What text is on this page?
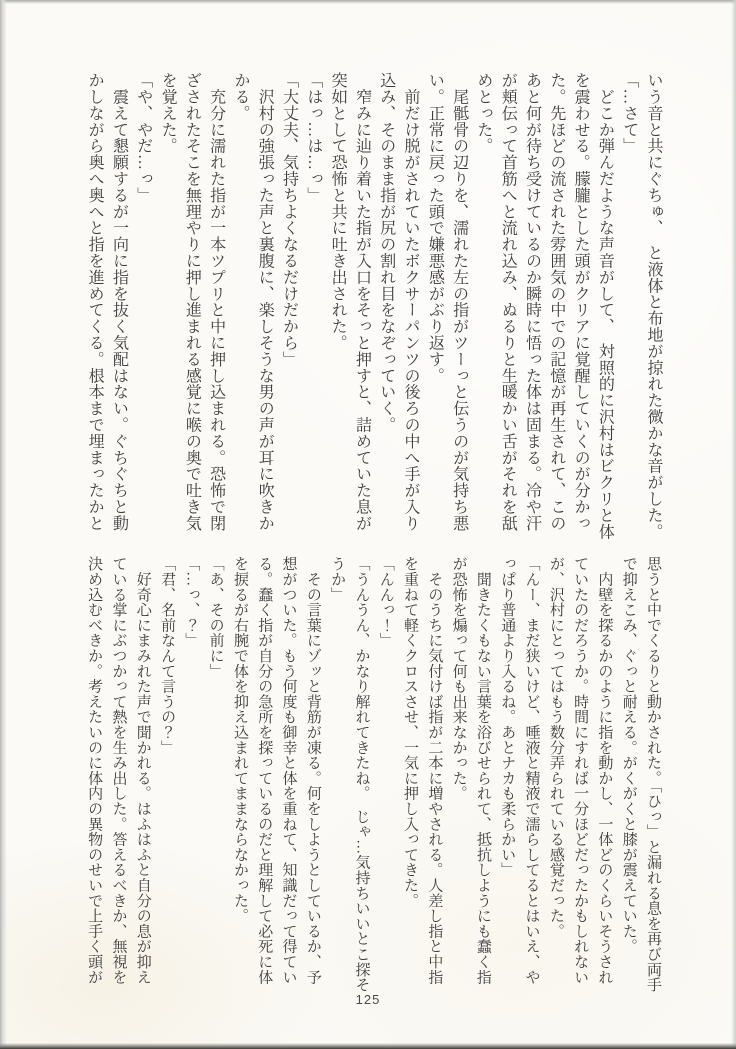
いう音と共にぐちゅ、　と液体と布地が掠れた微かな音がした。
「…さて」
　どこか弾んだような声音がして、　対照的に沢村はビクリと体
を震わせる。朦朧とした頭がクリアに覚醒していくのが分かっ
た。先ほどの流された雰囲気の中での記憶が再生されて、この
あと何が待ち受けているのか瞬時に悟った体は固まる。冷や汗
が頬伝って首筋へと流れ込み、ぬるりと生暖かい舌がそれを舐
めとった。
　尾骶骨の辺りを、濡れた左の指がツーっと伝うのが気持ち悪
い。正常に戻った頭で嫌悪感がぶり返す。
　前だけ脱がされていたボクサーパンツの後ろの中へ手が入り
込み、そのまま指が尻の割れ目をなぞっていく。
　窄みに辿り着いた指が入口をそっと押すと、詰めていた息が
突如として恐怖と共に吐き出された。
「はっ…は…っ」
「大丈夫、気持ちよくなるだけだから」
　沢村の強張った声と裏腹に、楽しそうな男の声が耳に吹きか
かる。
　充分に濡れた指が一本ツプリと中に押し込まれる。恐怖で閉
ざされたそこを無理やりに押し進まれる感覚に喉の奥で吐き気
を覚えた。
「や、やだ…っ」
　震えて懇願するが一向に指を抜く気配はない。ぐちぐちと動
かしながら奥へ奥へと指を進めてくる。根本まで埋まったかと
思うと中でくるりと動かされた。「ひっ」と漏れる息を再び両手
で抑えこみ、ぐっと耐える。がくがくと膝が震えていた。
　内壁を探るかのように指を動かし、一体どのくらいそうされ
ていたのだろうか。時間にすれば一分ほどだったかもしれない
が、沢村にとってはもう数分弄られている感覚だった。
「んー、まだ狭いけど、唾液と精液で濡らしてるとはいえ、や
っぱり普通より入るね。あとナカも柔らかい」
　聞きたくもない言葉を浴びせられて、抵抗しようにも蠢く指
が恐怖を煽って何も出来なかった。
　そのうちに気付けば指が二本に増やされる。人差し指と中指
を重ねて軽くクロスさせ、一気に押し入ってきた。
「んんっ！」
「うんうん、かなり解れてきたね。　じゃ…気持ちいいとこ探そ
うか」
　その言葉にゾッと背筋が凍る。何をしようとしているか、予
想がついた。もう何度も御幸と体を重ねて、知識だって得てい
る。蠢く指が自分の急所を探っているのだと理解して必死に体
を捩るが右腕で体を抑え込まれてままならなかった。
「あ、その前に」
「…っ、？」
「君、名前なんて言うの？」
　好奇心にまみれた声で聞かれる。はふはふと自分の息が抑え
ている掌にぶつかって熱を生み出した。答えるべきか、無視を
決め込むべきか。考えたいのに体内の異物のせいで上手く頭が
125
